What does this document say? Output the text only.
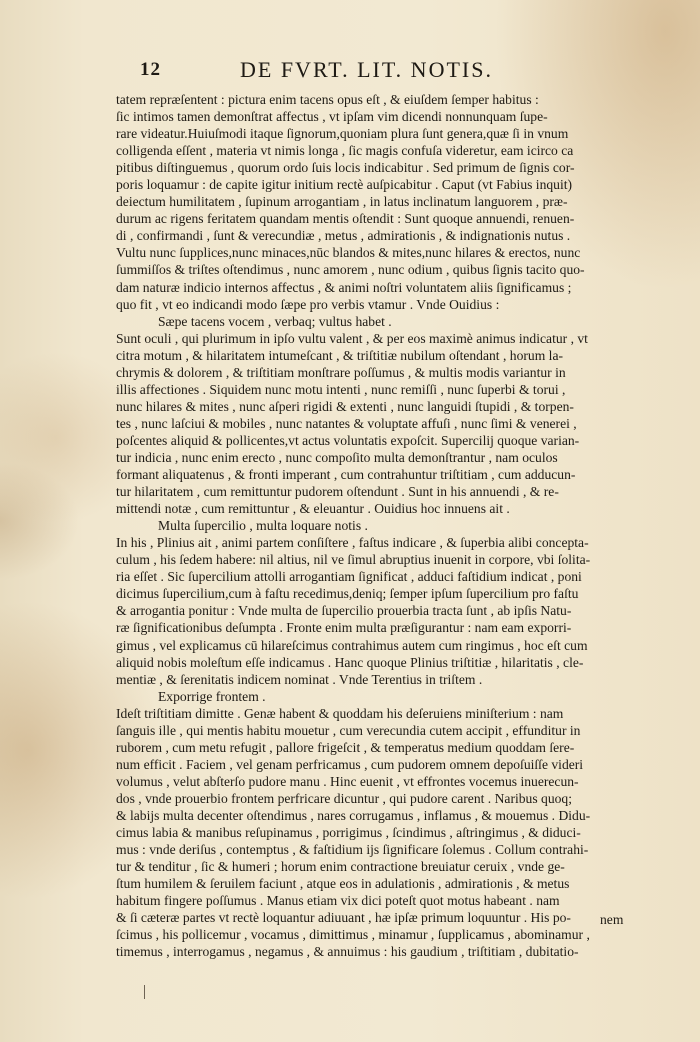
12	DE FVRT. LIT. NOTIS.
tatem repræſentent : pictura enim tacens opus eſt , & eiuſdem ſemper habitus :
ſic intimos tamen demonſtrat affectus , vt ipſam vim dicendi nonnunquam ſupe-
rare videatur.Huiuſmodi itaque ſignorum,quoniam plura ſunt genera,quæ ſi in vnum
colligenda eſſent , materia vt nimis longa , ſic magis confuſa videretur, eam icirco ca
pitibus diſtinguemus , quorum ordo ſuis locis indicabitur . Sed primum de ſignis cor-
poris loquamur : de capite igitur initium rectè auſpicabitur . Caput (vt Fabius inquit)
deiectum humilitatem , ſupinum arrogantiam , in latus inclinatum languorem , præ-
durum ac rigens feritatem quandam mentis oſtendit : Sunt quoque annuendi, renuen-
di , confirmandi , ſunt & verecundiæ , metus , admirationis , & indignationis nutus .
Vultu nunc ſupplices,nunc minaces,nūc blandos & mites,nunc hilares & erectos, nunc
ſummiſſos & triſtes oſtendimus , nunc amorem , nunc odium , quibus ſignis tacito quo-
dam naturæ indicio internos affectus , & animi noſtri voluntatem aliis ſignificamus ;
quo fit , vt eo indicandi modo ſæpe pro verbis vtamur . Vnde Ouidius :
Sæpe tacens vocem , verbaq; vultus habet .
Sunt oculi , qui plurimum in ipſo vultu valent , & per eos maximè animus indicatur , vt
citra motum , & hilaritatem intumeſcant , & triſtitiæ nubilum oſtendant , horum la-
chrymis & dolorem , & triſtitiam monſtrare poſſumus , & multis modis variantur in
illis affectiones . Siquidem nunc motu intenti , nunc remiſſi , nunc ſuperbi & torui ,
nunc hilares & mites , nunc aſperi rigidi & extenti , nunc languidi ſtupidi , & torpen-
tes , nunc laſciui & mobiles , nunc natantes & voluptate affuſi , nunc ſimi & venerei ,
poſcentes aliquid & pollicentes,vt actus voluntatis expoſcit. Supercilij quoque varian-
tur indicia , nunc enim erecto , nunc compoſito multa demonſtrantur , nam oculos
formant aliquatenus , & fronti imperant , cum contrahuntur triſtitiam , cum adducun-
tur hilaritatem , cum remittuntur pudorem oſtendunt . Sunt in his annuendi , & re-
mittendi notæ , cum remittuntur , & eleuantur . Ouidius hoc innuens ait .
Multa ſupercilio , multa loquare notis .
In his , Plinius ait , animi partem conſiſtere , faſtus indicare , & ſuperbia alibi concepta-
culum , his ſedem habere: nil altius, nil ve ſimul abruptius inuenit in corpore, vbi ſolita-
ria eſſet . Sic ſupercilium attolli arrogantiam ſignificat , adduci faſtidium indicat , poni
dicimus ſupercilium,cum à faſtu recedimus,deniq; ſemper ipſum ſupercilium pro faſtu
& arrogantia ponitur : Vnde multa de ſupercilio prouerbia tracta ſunt , ab ipſis Natu-
ræ ſignificationibus deſumpta . Fronte enim multa præſigurantur : nam eam exporri-
gimus , vel explicamus cū hilareſcimus contrahimus autem cum ringimus , hoc eſt cum
aliquid nobis moleſtum eſſe indicamus . Hanc quoque Plinius triſtitiæ , hilaritatis , cle-
mentiæ , & ſerenitatis indicem nominat . Vnde Terentius in triſtem .
Exporrige frontem .
Ideſt triſtitiam dimitte . Genæ habent & quoddam his deſeruiens miniſterium : nam
ſanguis ille , qui mentis habitu mouetur , cum verecundia cutem accipit , effunditur in
ruborem , cum metu refugit , pallore frigeſcit , & temperatus medium quoddam ſere-
num efficit . Faciem , vel genam perfricamus , cum pudorem omnem depoſuiſſe videri
volumus , velut abſterſo pudore manu . Hinc euenit , vt effrontes vocemus inuerecun-
dos , vnde prouerbio frontem perfricare dicuntur , qui pudore carent . Naribus quoq;
& labijs multa decenter oſtendimus , nares corrugamus , inflamus , & mouemus . Didu-
cimus labia & manibus reſupinamus , porrigimus , ſcindimus , aſtringimus , & diduci-
mus : vnde deriſus , contemptus , & faſtidium ijs ſignificare ſolemus . Collum contrahi-
tur & tenditur , ſic & humeri ; horum enim contractione breuiatur ceruix , vnde ge-
ſtum humilem & ſeruilem faciunt , atque eos in adulationis , admirationis , & metus
habitum fingere poſſumus . Manus etiam vix dici poteſt quot motus habeant . nam
& ſi cæteræ partes vt rectè loquantur adiuuant , hæ ipſæ primum loquuntur . His po-
ſcimus , his pollicemur , vocamus , dimittimus , minamur , ſupplicamus , abominamur ,
timemus , interrogamus , negamus , & annuimus : his gaudium , triſtitiam , dubitatio-
nem
